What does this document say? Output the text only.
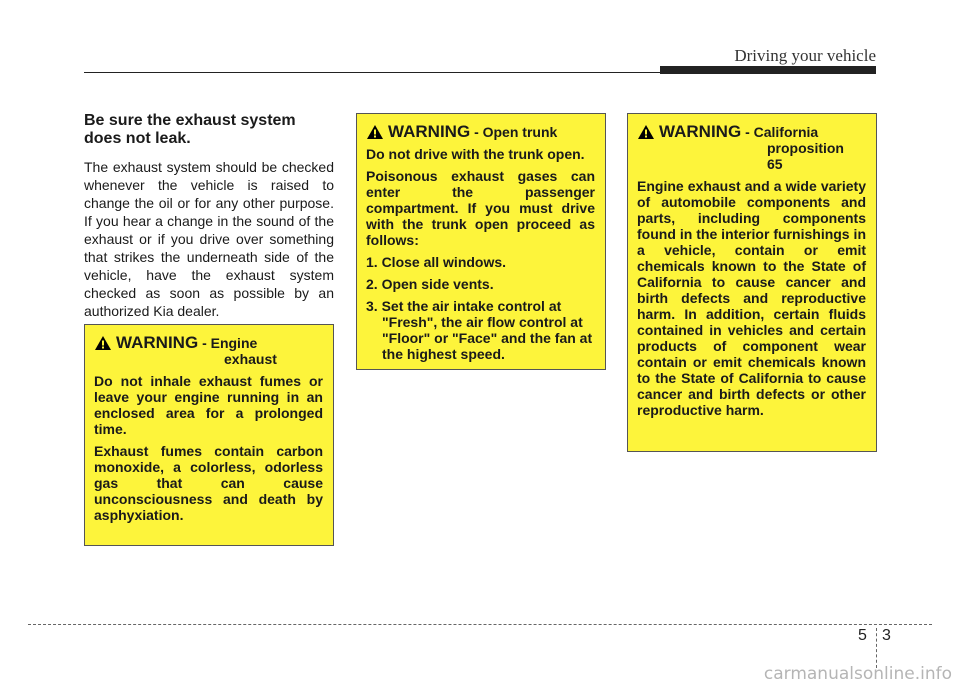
Driving your vehicle

Be sure the exhaust system does not leak.

The exhaust system should be checked whenever the vehicle is raised to change the oil or for any other purpose. If you hear a change in the sound of the exhaust or if you drive over something that strikes the underneath side of the vehicle, have the exhaust system checked as soon as possible by an authorized Kia dealer.

WARNING - Engine
exhaust

Do not inhale exhaust fumes or leave your engine running in an enclosed area for a prolonged time.

Exhaust fumes contain carbon monoxide, a colorless, odorless gas that can cause unconsciousness and death by asphyxiation.

WARNING - Open trunk

Do not drive with the trunk open.

Poisonous exhaust gases can enter the passenger compartment. If you must drive with the trunk open proceed as follows:

1. Close all windows.
2. Open side vents.
3. Set the air intake control at "Fresh", the air flow control at "Floor" or "Face" and the fan at the highest speed.
WARNING - California
proposition
65

Engine exhaust and a wide variety of automobile components and parts, including components found in the interior furnishings in a vehicle, contain or emit chemicals known to the State of California to cause cancer and birth defects and reproductive harm. In addition, certain fluids contained in vehicles and certain products of component wear contain or emit chemicals known to the State of California to cause cancer and birth defects or other reproductive harm.

5 3
carmanualsonline.info
